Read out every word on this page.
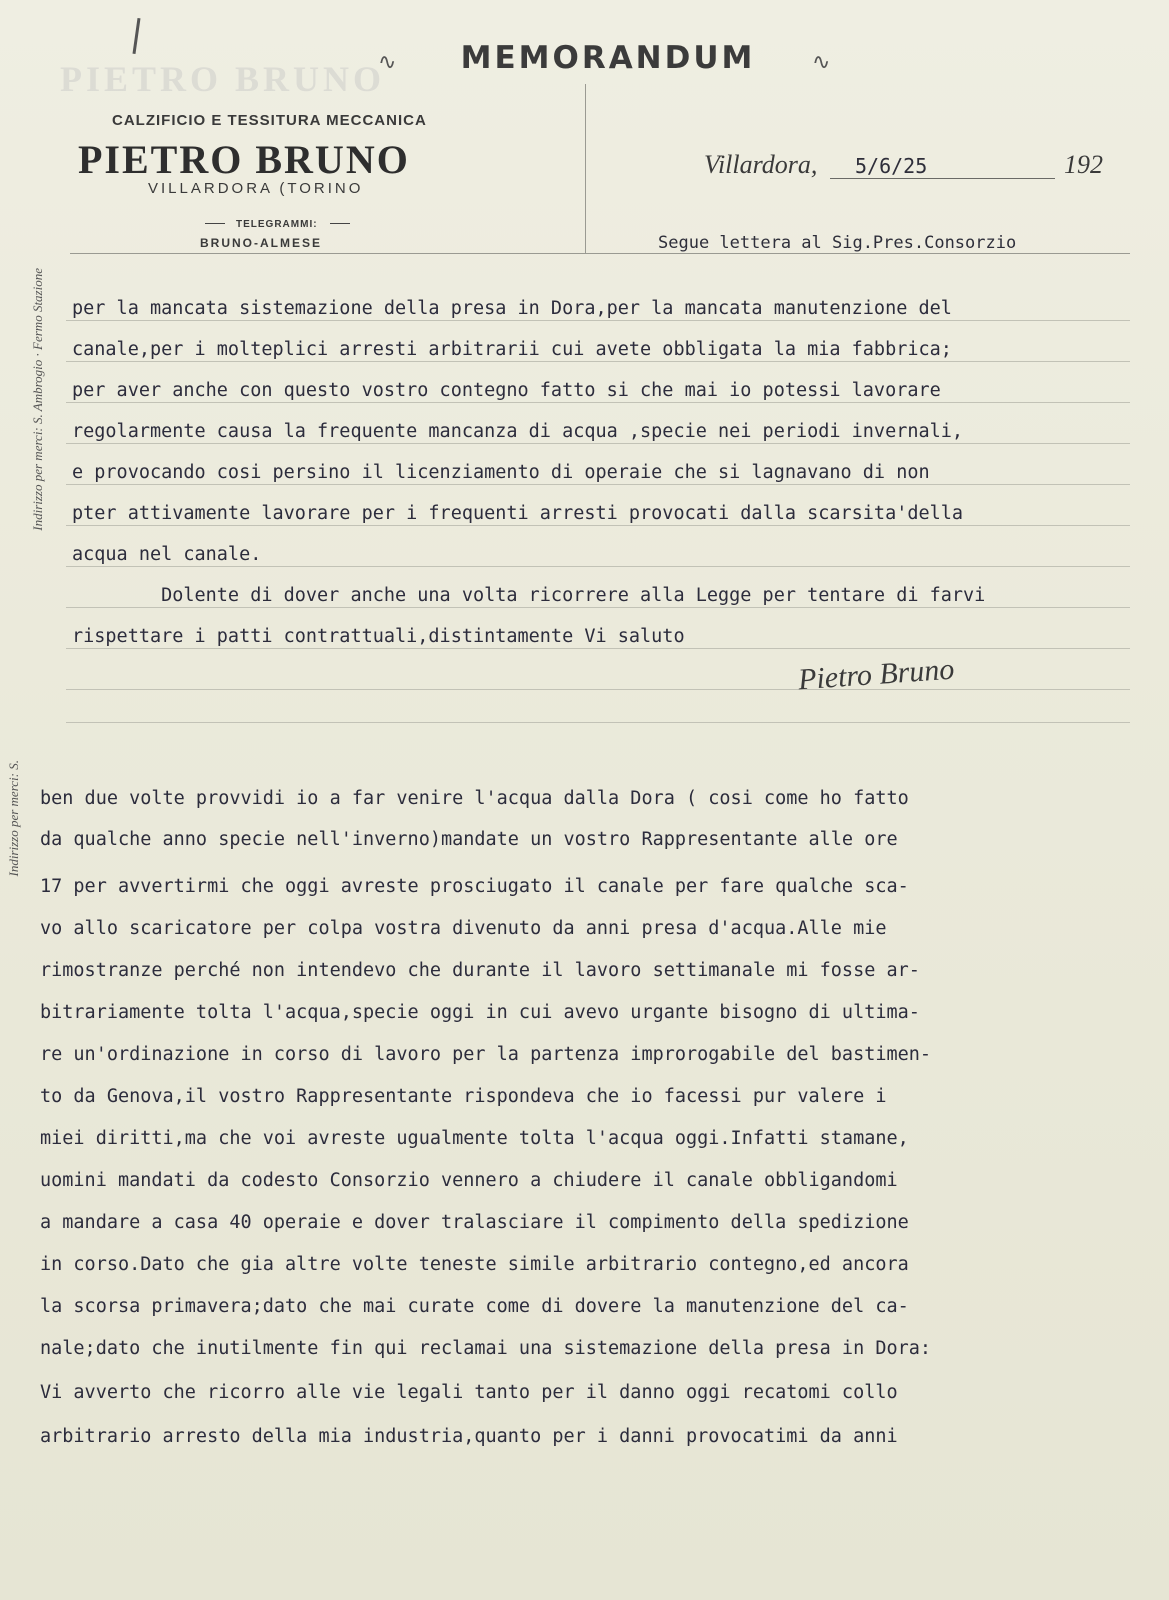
PIETRO BRUNO
∿	MEMORANDUM	∿
CALZIFICIO E TESSITURA MECCANICA
PIETRO BRUNO
VILLARDORA (TORINO
TELEGRAMMI:
BRUNO-ALMESE
Villardora, 5/6/25	192
Segue lettera al Sig.Pres.Consorzio
Indirizzo per merci: S. Ambrogio · Fermo Stazione
Indirizzo per merci: S.
per la mancata sistemazione della presa in Dora,per la mancata manutenzione del
canale,per i molteplici arresti arbitrarii cui avete obbligata la mia fabbrica;
per aver anche con questo vostro contegno fatto si che mai io potessi lavorare
regolarmente causa la frequente mancanza di acqua ,specie nei periodi invernali,
e provocando cosi persino il licenziamento di operaie che si lagnavano di non
pter attivamente lavorare per i frequenti arresti provocati dalla scarsita'della
acqua nel canale.
Dolente di dover anche una volta ricorrere alla Legge per tentare di farvi
rispettare i patti contrattuali,distintamente Vi saluto
Pietro Bruno
ben due volte provvidi io a far venire l'acqua dalla Dora ( cosi come ho fatto
da qualche anno specie nell'inverno)mandate un vostro Rappresentante alle ore
17 per avvertirmi che oggi avreste prosciugato il canale per fare qualche sca-
vo allo scaricatore per colpa vostra divenuto da anni presa d'acqua.Alle mie
rimostranze perché non intendevo che durante il lavoro settimanale mi fosse ar-
bitrariamente tolta l'acqua,specie oggi in cui avevo urgante bisogno di ultima-
re un'ordinazione in corso di lavoro per la partenza improrogabile del bastimen-
to da Genova,il vostro Rappresentante rispondeva che io facessi pur valere i
miei diritti,ma che voi avreste ugualmente tolta l'acqua oggi.Infatti stamane,
uomini mandati da codesto Consorzio vennero a chiudere il canale obbligandomi
a mandare a casa 40 operaie e dover tralasciare il compimento della spedizione
in corso.Dato che gia altre volte teneste simile arbitrario contegno,ed ancora
la scorsa primavera;dato che mai curate come di dovere la manutenzione del ca-
nale;dato che inutilmente fin qui reclamai una sistemazione della presa in Dora:
Vi avverto che ricorro alle vie legali tanto per il danno oggi recatomi collo
arbitrario arresto della mia industria,quanto per i danni provocatimi da anni
